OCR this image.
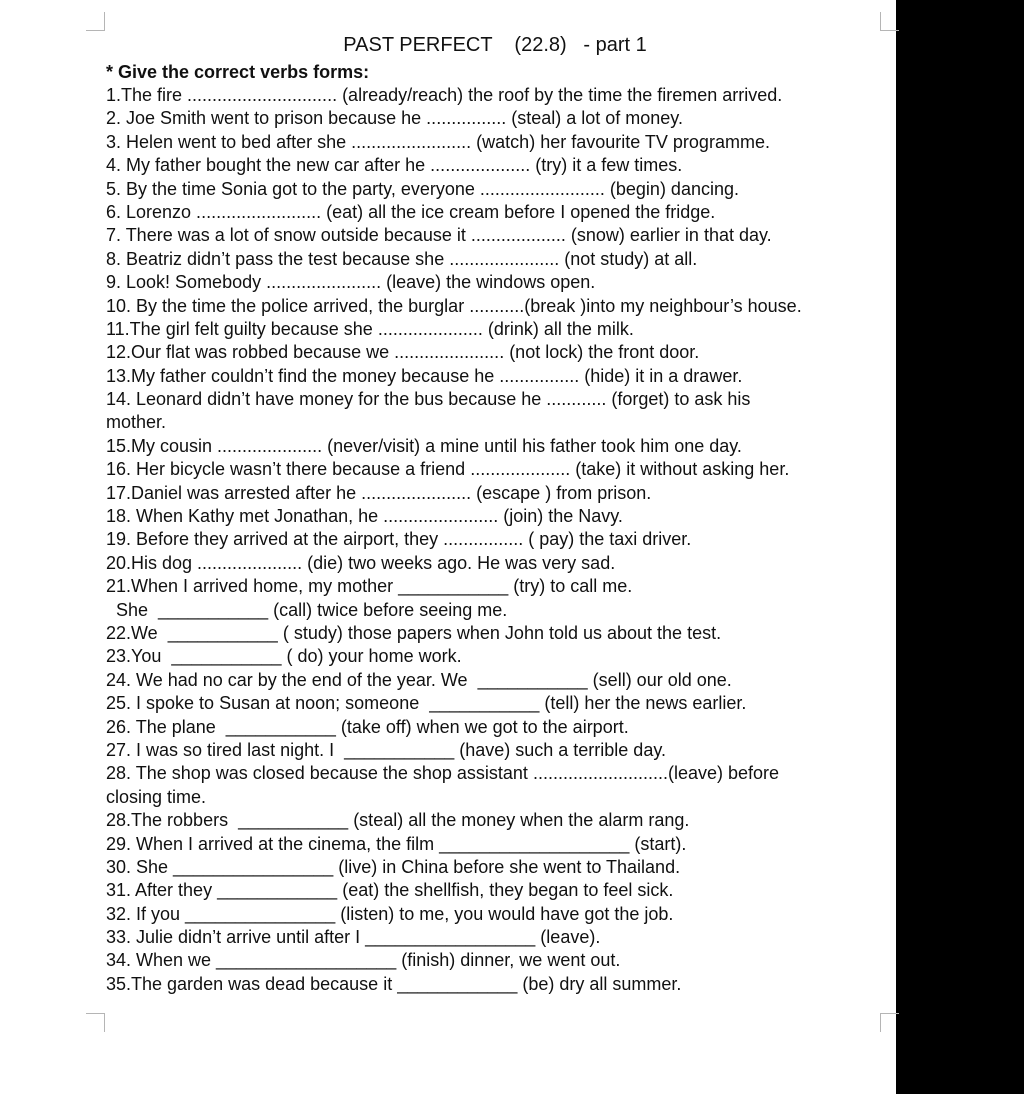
PAST PERFECT    (22.8)   - part 1
* Give the correct verbs forms:
1.The fire .............................. (already/reach) the roof by the time the firemen arrived.
2. Joe Smith went to prison because he ................ (steal) a lot of money.
3. Helen went to bed after she ........................ (watch) her favourite TV programme.
4. My father bought the new car after he .................... (try) it a few times.
5. By the time Sonia got to the party, everyone ......................... (begin) dancing.
6. Lorenzo ......................... (eat) all the ice cream before I opened the fridge.
7. There was a lot of snow outside because it ................... (snow) earlier in that day.
8. Beatriz didn’t pass the test because she ...................... (not study) at all.
9. Look! Somebody ....................... (leave) the windows open.
10. By the time the police arrived, the burglar ...........(break )into my neighbour’s house.
11.The girl felt guilty because she ..................... (drink) all the milk.
12.Our flat was robbed because we ...................... (not lock) the front door.
13.My father couldn’t find the money because he ................ (hide) it in a drawer.
14. Leonard didn’t have money for the bus because he ............ (forget) to ask his
mother.
15.My cousin ..................... (never/visit) a mine until his father took him one day.
16. Her bicycle wasn’t there because a friend .................... (take) it without asking her.
17.Daniel was arrested after he ...................... (escape ) from prison.
18. When Kathy met Jonathan, he ....................... (join) the Navy.
19. Before they arrived at the airport, they ................ ( pay) the taxi driver.
20.His dog ..................... (die) two weeks ago. He was very sad.
21.When I arrived home, my mother ___________ (try) to call me.
She  ___________ (call) twice before seeing me.
22.We  ___________ ( study) those papers when John told us about the test.
23.You  ___________ ( do) your home work.
24. We had no car by the end of the year. We  ___________ (sell) our old one.
25. I spoke to Susan at noon; someone  ___________ (tell) her the news earlier.
26. The plane  ___________ (take off) when we got to the airport.
27. I was so tired last night. I  ___________ (have) such a terrible day.
28. The shop was closed because the shop assistant ...........................(leave) before
closing time.
28.The robbers  ___________ (steal) all the money when the alarm rang.
29. When I arrived at the cinema, the film ___________________ (start).
30. She ________________ (live) in China before she went to Thailand.
31. After they ____________ (eat) the shellfish, they began to feel sick.
32. If you _______________ (listen) to me, you would have got the job.
33. Julie didn’t arrive until after I _________________ (leave).
34. When we __________________ (finish) dinner, we went out.
35.The garden was dead because it ____________ (be) dry all summer.
